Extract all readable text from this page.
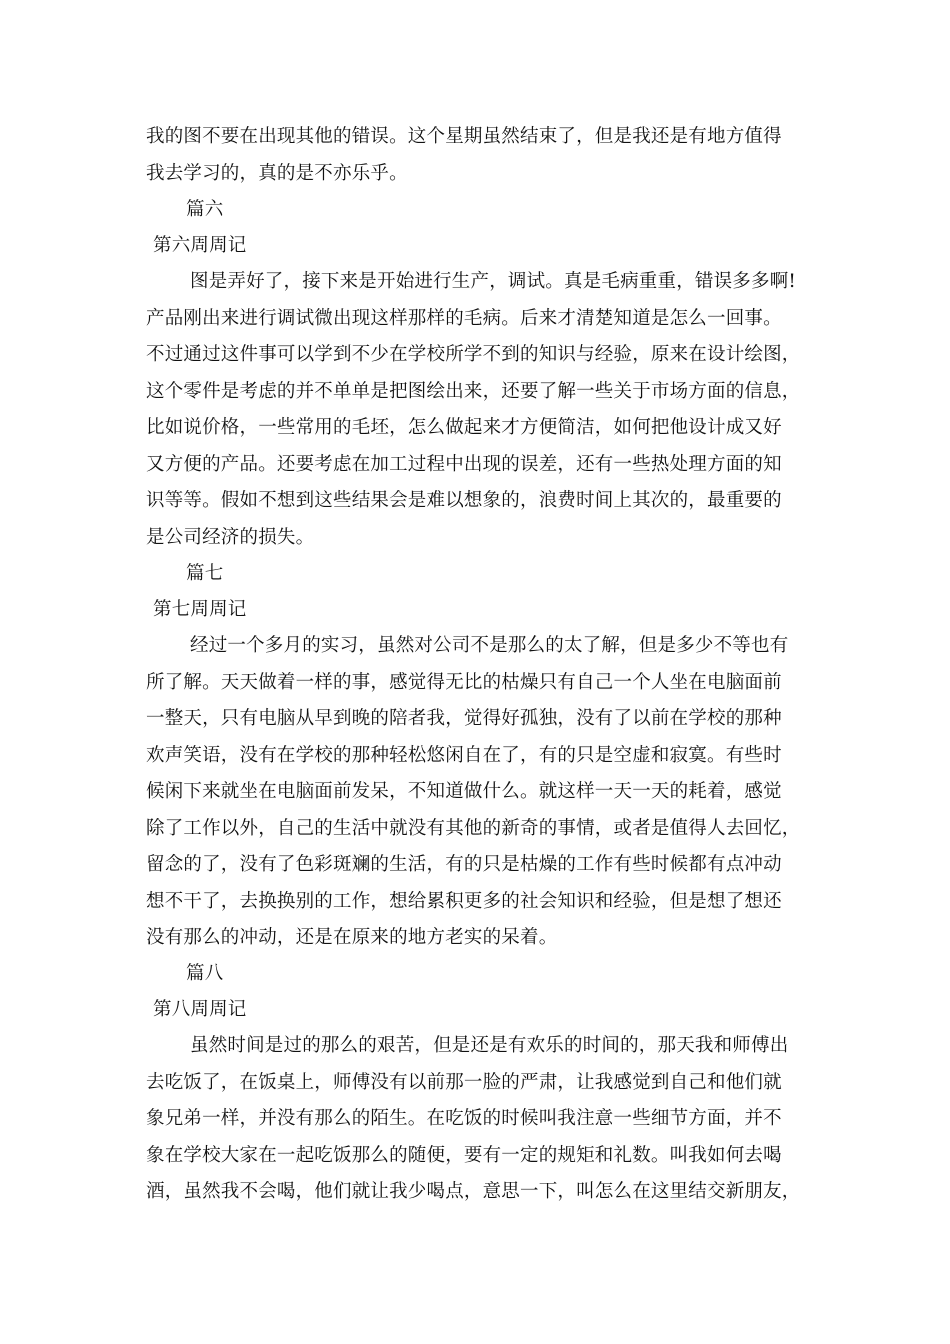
我的图不要在出现其他的错误。这个星期虽然结束了，但是我还是有地方值得
我去学习的，真的是不亦乐乎。
篇六
第六周周记
图是弄好了，接下来是开始进行生产，调试。真是毛病重重，错误多多啊!
产品刚出来进行调试微出现这样那样的毛病。后来才清楚知道是怎么一回事。
不过通过这件事可以学到不少在学校所学不到的知识与经验，原来在设计绘图，
这个零件是考虑的并不单单是把图绘出来，还要了解一些关于市场方面的信息，
比如说价格，一些常用的毛坯，怎么做起来才方便简洁，如何把他设计成又好
又方便的产品。还要考虑在加工过程中出现的误差，还有一些热处理方面的知
识等等。假如不想到这些结果会是难以想象的，浪费时间上其次的，最重要的
是公司经济的损失。
篇七
第七周周记
经过一个多月的实习，虽然对公司不是那么的太了解，但是多少不等也有
所了解。天天做着一样的事，感觉得无比的枯燥只有自己一个人坐在电脑面前
一整天，只有电脑从早到晚的陪者我，觉得好孤独，没有了以前在学校的那种
欢声笑语，没有在学校的那种轻松悠闲自在了，有的只是空虚和寂寞。有些时
候闲下来就坐在电脑面前发呆，不知道做什么。就这样一天一天的耗着，感觉
除了工作以外，自己的生活中就没有其他的新奇的事情，或者是值得人去回忆，
留念的了，没有了色彩斑斓的生活，有的只是枯燥的工作有些时候都有点冲动
想不干了，去换换别的工作，想给累积更多的社会知识和经验，但是想了想还
没有那么的冲动，还是在原来的地方老实的呆着。
篇八
第八周周记
虽然时间是过的那么的艰苦，但是还是有欢乐的时间的，那天我和师傅出
去吃饭了，在饭桌上，师傅没有以前那一脸的严肃，让我感觉到自己和他们就
象兄弟一样，并没有那么的陌生。在吃饭的时候叫我注意一些细节方面，并不
象在学校大家在一起吃饭那么的随便，要有一定的规矩和礼数。叫我如何去喝
酒，虽然我不会喝，他们就让我少喝点，意思一下，叫怎么在这里结交新朋友，
